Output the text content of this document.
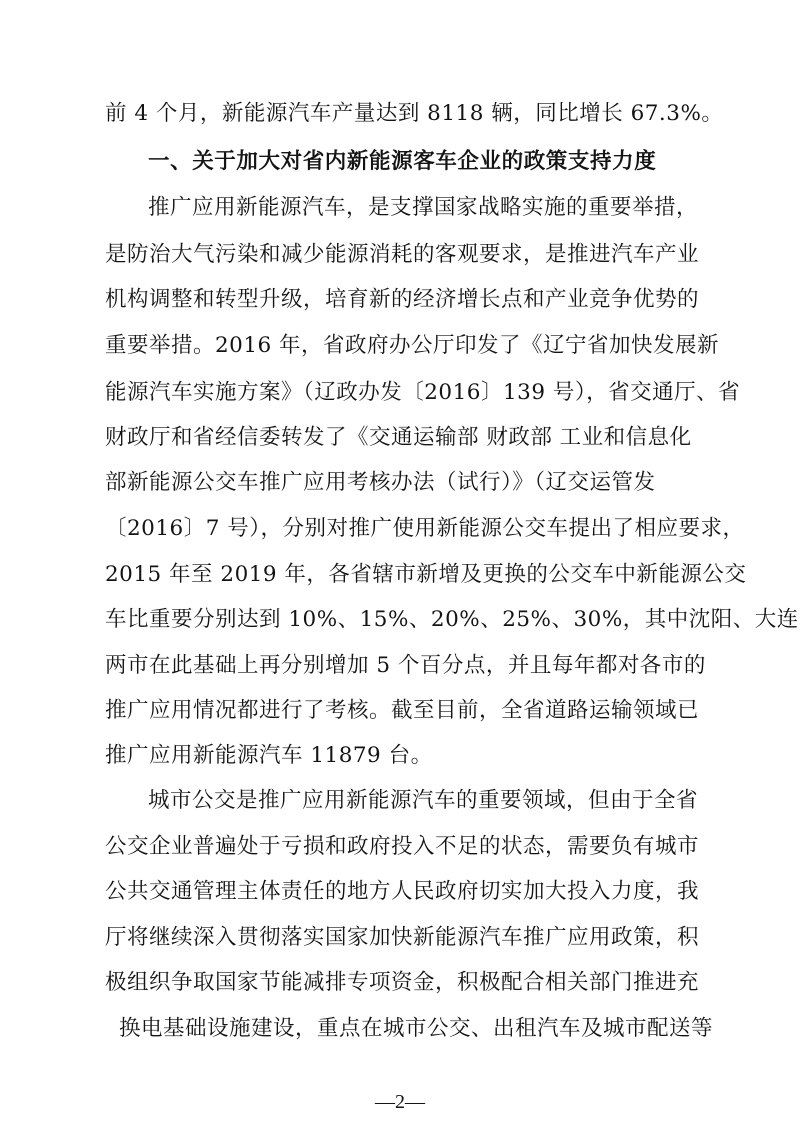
前 4 个月，新能源汽车产量达到 8118 辆，同比增长 67.3%。
一、关于加大对省内新能源客车企业的政策支持力度
推广应用新能源汽车，是支撑国家战略实施的重要举措，
是防治大气污染和减少能源消耗的客观要求，是推进汽车产业
机构调整和转型升级，培育新的经济增长点和产业竞争优势的
重要举措。2016 年，省政府办公厅印发了《辽宁省加快发展新
能源汽车实施方案》（辽政办发〔2016〕139 号），省交通厅、省
财政厅和省经信委转发了《交通运输部 财政部 工业和信息化
部新能源公交车推广应用考核办法（试行）》（辽交运管发
〔2016〕7 号），分别对推广使用新能源公交车提出了相应要求，
2015 年至 2019 年，各省辖市新增及更换的公交车中新能源公交
车比重要分别达到 10%、15%、20%、25%、30%，其中沈阳、大连
两市在此基础上再分别增加 5 个百分点，并且每年都对各市的
推广应用情况都进行了考核。截至目前，全省道路运输领域已
推广应用新能源汽车 11879 台。
城市公交是推广应用新能源汽车的重要领域，但由于全省
公交企业普遍处于亏损和政府投入不足的状态，需要负有城市
公共交通管理主体责任的地方人民政府切实加大投入力度，我
厅将继续深入贯彻落实国家加快新能源汽车推广应用政策，积
极组织争取国家节能减排专项资金，积极配合相关部门推进充
换电基础设施建设，重点在城市公交、出租汽车及城市配送等
—2—
